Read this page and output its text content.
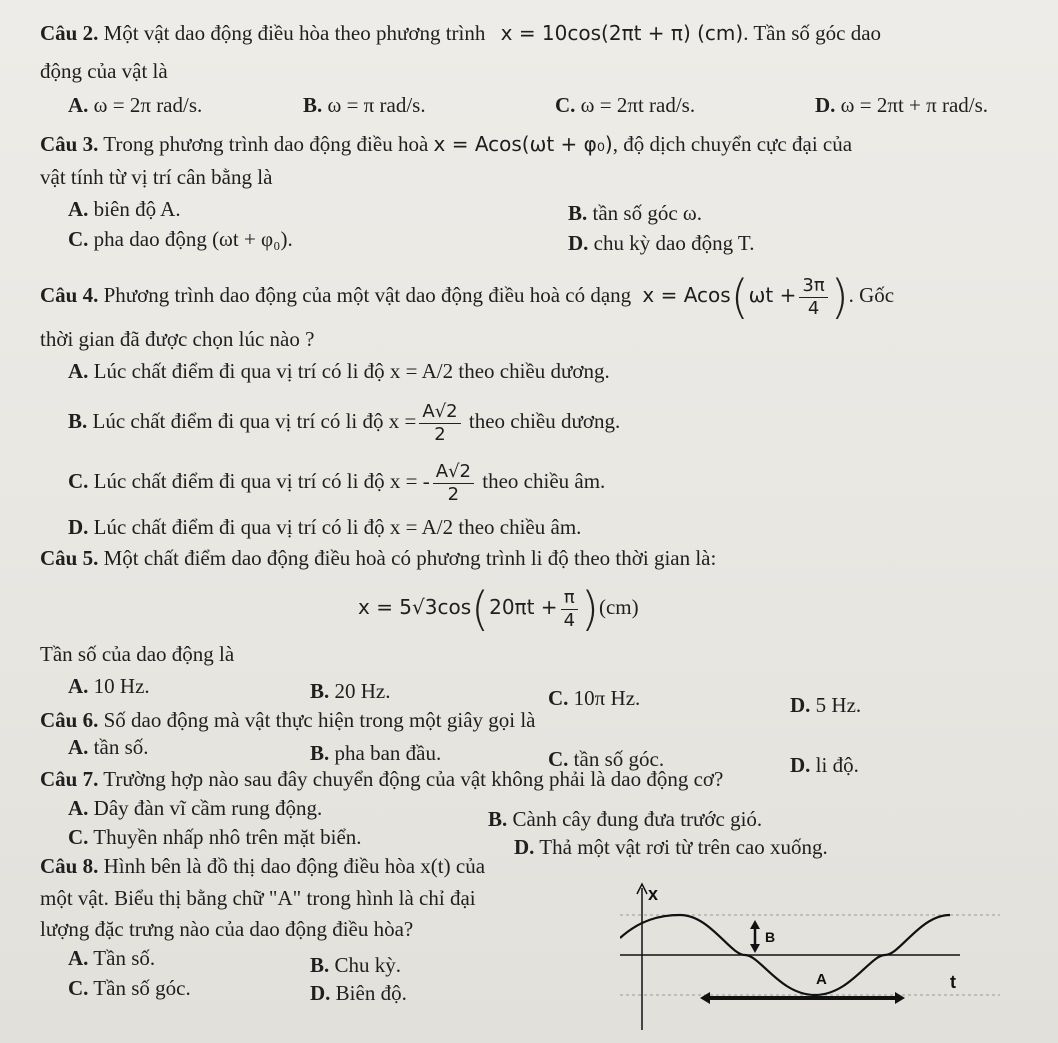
Câu 2. Một vật dao động điều hòa theo phương trình x = 10cos(2πt + π) (cm). Tần số góc dao
động của vật là
A. ω = 2π rad/s.	B. ω = π rad/s.	C. ω = 2πt rad/s.	D. ω = 2πt + π rad/s.
Câu 3. Trong phương trình dao động điều hoà x = Acos(ωt + φ₀), độ dịch chuyển cực đại của
vật tính từ vị trí cân bằng là
A. biên độ A.	B. tần số góc ω.
C. pha dao động (ωt + φ₀).	D. chu kỳ dao động T.
Câu 4. Phương trình dao động của một vật dao động điều hoà có dạng $x = Acos(\omega t + \frac{3\pi}{4}$ ). Gốc
thời gian đã được chọn lúc nào ?
A. Lúc chất điểm đi qua vị trí có li độ x = A/2 theo chiều dương.
B. Lúc chất điểm đi qua vị trí có li độ $x = \frac{A√2}{2}$ theo chiều dương.
C. Lúc chất điểm đi qua vị trí có li độ x = - $\frac{A√2}{2}$ theo chiều âm.
D. Lúc chất điểm đi qua vị trí có li độ x = A/2 theo chiều âm.
Câu 5. Một chất điểm dao động điều hoà có phương trình li độ theo thời gian là:
$x = 5√3\cos(20\pi t + \frac{\pi}{4} )(cm)$
Tần số của dao động là
A. 10 Hz.	B. 20 Hz.	C. 10π Hz.	D. 5 Hz.
Câu 6. Số dao động mà vật thực hiện trong một giây gọi là
A. tần số.	B. pha ban đầu.	C. tần số góc.	D. li độ.
Câu 7. Trường hợp nào sau đây chuyển động của vật không phải là dao động cơ?
A. Dây đàn vĩ cầm rung động.	B. Cành cây đung đưa trước gió.
C. Thuyền nhấp nhô trên mặt biển.	D. Thả một vật rơi từ trên cao xuống.
Câu 8. Hình bên là đồ thị dao động điều hòa x(t) của
một vật. Biểu thị bằng chữ "A" trong hình là chỉ đại
lượng đặc trưng nào của dao động điều hòa?
A. Tần số.	B. Chu kỳ.
C. Tần số góc.	D. Biên độ.
x
t
B
A
